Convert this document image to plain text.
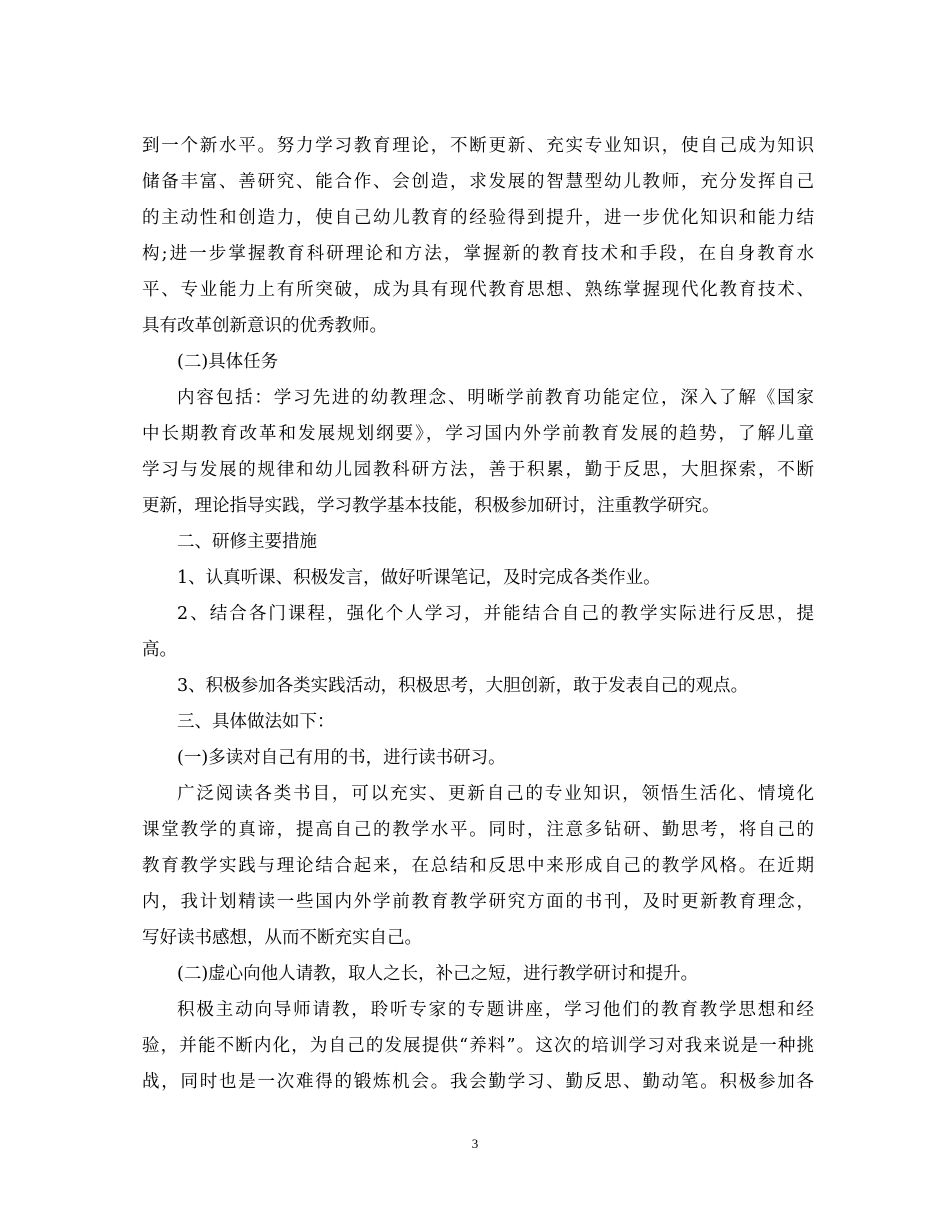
到一个新水平。努力学习教育理论，不断更新、充实专业知识，使自己成为知识
储备丰富、善研究、能合作、会创造，求发展的智慧型幼儿教师，充分发挥自己
的主动性和创造力，使自己幼儿教育的经验得到提升，进一步优化知识和能力结
构;进一步掌握教育科研理论和方法，掌握新的教育技术和手段，在自身教育水
平、专业能力上有所突破，成为具有现代教育思想、熟练掌握现代化教育技术、
具有改革创新意识的优秀教师。
(二)具体任务
内容包括：学习先进的幼教理念、明晰学前教育功能定位，深入了解《国家
中长期教育改革和发展规划纲要》，学习国内外学前教育发展的趋势，了解儿童
学习与发展的规律和幼儿园教科研方法，善于积累，勤于反思，大胆探索，不断
更新，理论指导实践，学习教学基本技能，积极参加研讨，注重教学研究。
二、研修主要措施
1、认真听课、积极发言，做好听课笔记，及时完成各类作业。
2、结合各门课程，强化个人学习，并能结合自己的教学实际进行反思，提
高。
3、积极参加各类实践活动，积极思考，大胆创新，敢于发表自己的观点。
三、具体做法如下：
(一)多读对自己有用的书，进行读书研习。
广泛阅读各类书目，可以充实、更新自己的专业知识，领悟生活化、情境化
课堂教学的真谛，提高自己的教学水平。同时，注意多钻研、勤思考，将自己的
教育教学实践与理论结合起来，在总结和反思中来形成自己的教学风格。在近期
内，我计划精读一些国内外学前教育教学研究方面的书刊，及时更新教育理念，
写好读书感想，从而不断充实自己。
(二)虚心向他人请教，取人之长，补己之短，进行教学研讨和提升。
积极主动向导师请教，聆听专家的专题讲座，学习他们的教育教学思想和经
验，并能不断内化，为自己的发展提供“养料”。这次的培训学习对我来说是一种挑
战，同时也是一次难得的锻炼机会。我会勤学习、勤反思、勤动笔。积极参加各
3
